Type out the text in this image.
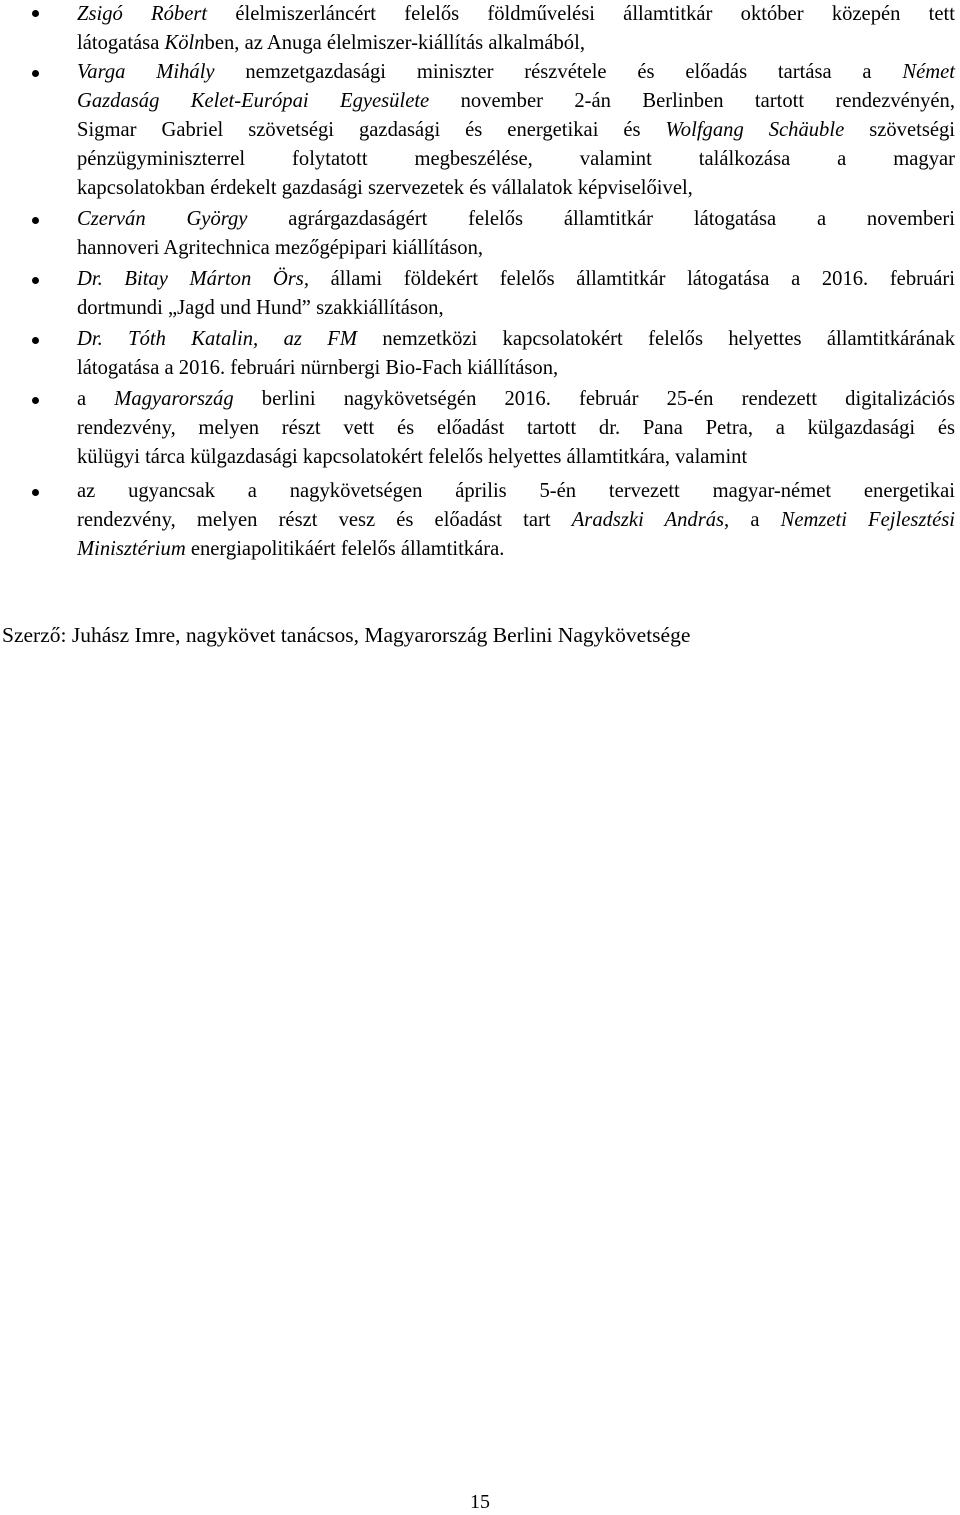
Zsigó Róbert élelmiszerláncért felelős földművelési államtitkár október közepén tett
látogatása Kölnben, az Anuga élelmiszer-kiállítás alkalmából,
Varga Mihály nemzetgazdasági miniszter részvétele és előadás tartása a Német
Gazdaság Kelet-Európai Egyesülete november 2-án Berlinben tartott rendezvényén,
Sigmar Gabriel szövetségi gazdasági és energetikai és Wolfgang Schäuble szövetségi
pénzügyminiszterrel folytatott megbeszélése, valamint találkozása a magyar
kapcsolatokban érdekelt gazdasági szervezetek és vállalatok képviselőivel,
Czerván György agrárgazdaságért felelős államtitkár látogatása a novemberi
hannoveri Agritechnica mezőgépipari kiállításon,
Dr. Bitay Márton Örs, állami földekért felelős államtitkár látogatása a 2016. februári
dortmundi „Jagd und Hund” szakkiállításon,
Dr. Tóth Katalin, az FM nemzetközi kapcsolatokért felelős helyettes államtitkárának
látogatása a 2016. februári nürnbergi Bio-Fach kiállításon,
a Magyarország berlini nagykövetségén 2016. február 25-én rendezett digitalizációs
rendezvény, melyen részt vett és előadást tartott dr. Pana Petra, a külgazdasági és
külügyi tárca külgazdasági kapcsolatokért felelős helyettes államtitkára, valamint
az ugyancsak a nagykövetségen április 5-én tervezett magyar-német energetikai
rendezvény, melyen részt vesz és előadást tart Aradszki András, a Nemzeti Fejlesztési
Minisztérium energiapolitikáért felelős államtitkára.
Szerző: Juhász Imre, nagykövet tanácsos, Magyarország Berlini Nagykövetsége
15
